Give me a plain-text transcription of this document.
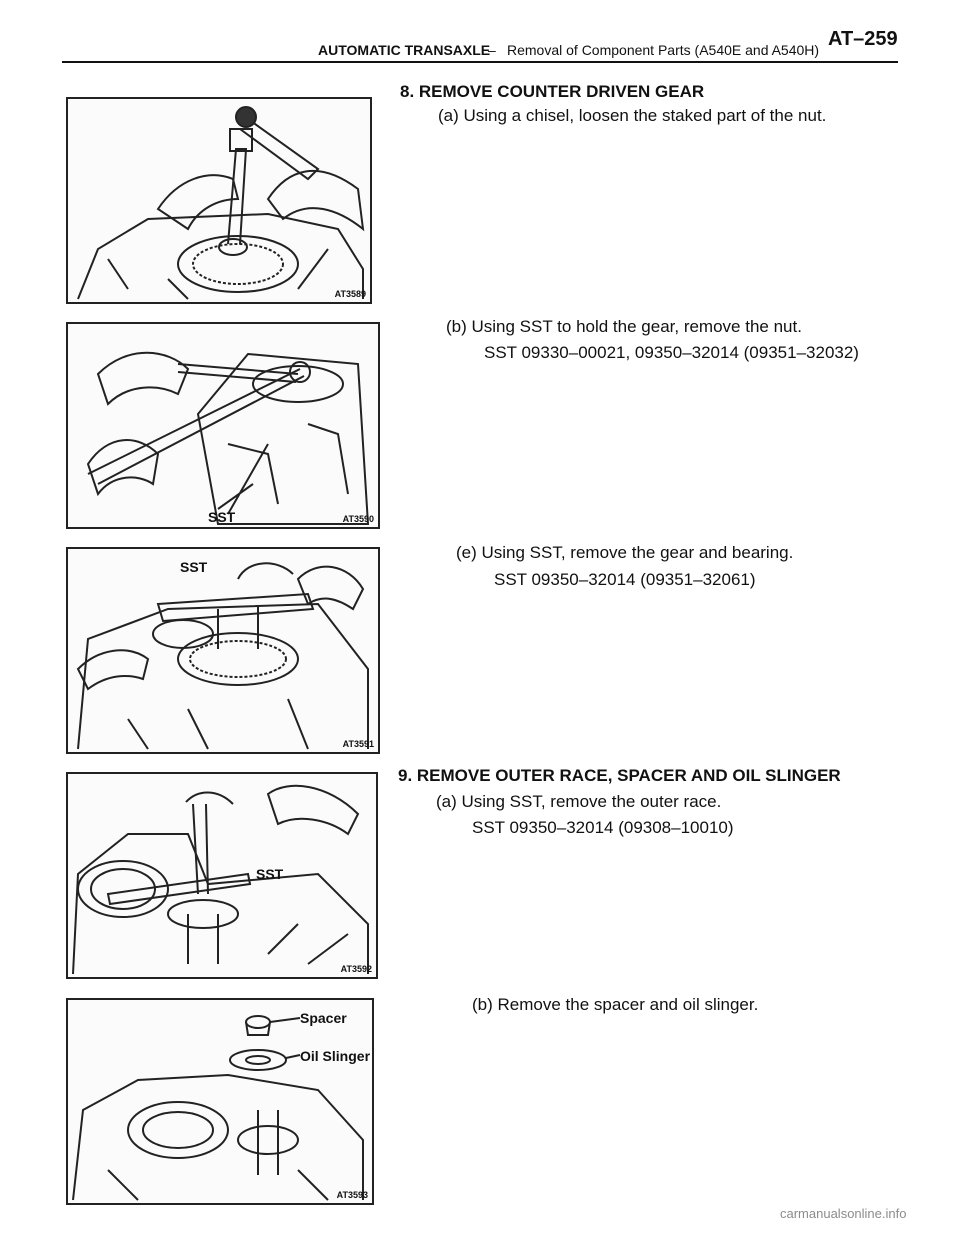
AUTOMATIC TRANSAXLE
– Removal of Component Parts (A540E and A540H) AT–259
AT3589
SST	AT3590
SST
AT3591
SST
AT3592
Spacer
Oil Slinger
AT3593
8. REMOVE COUNTER DRIVEN GEAR
(a) Using a chisel, loosen the staked part of the nut.
(b) Using SST to hold the gear, remove the nut.
SST 09330–00021, 09350–32014 (09351–32032)
(e) Using SST, remove the gear and bearing.
SST 09350–32014 (09351–32061)
9. REMOVE OUTER RACE, SPACER AND OIL SLINGER
(a) Using SST, remove the outer race.
SST 09350–32014 (09308–10010)
(b) Remove the spacer and oil slinger.
carmanualsonline.info
